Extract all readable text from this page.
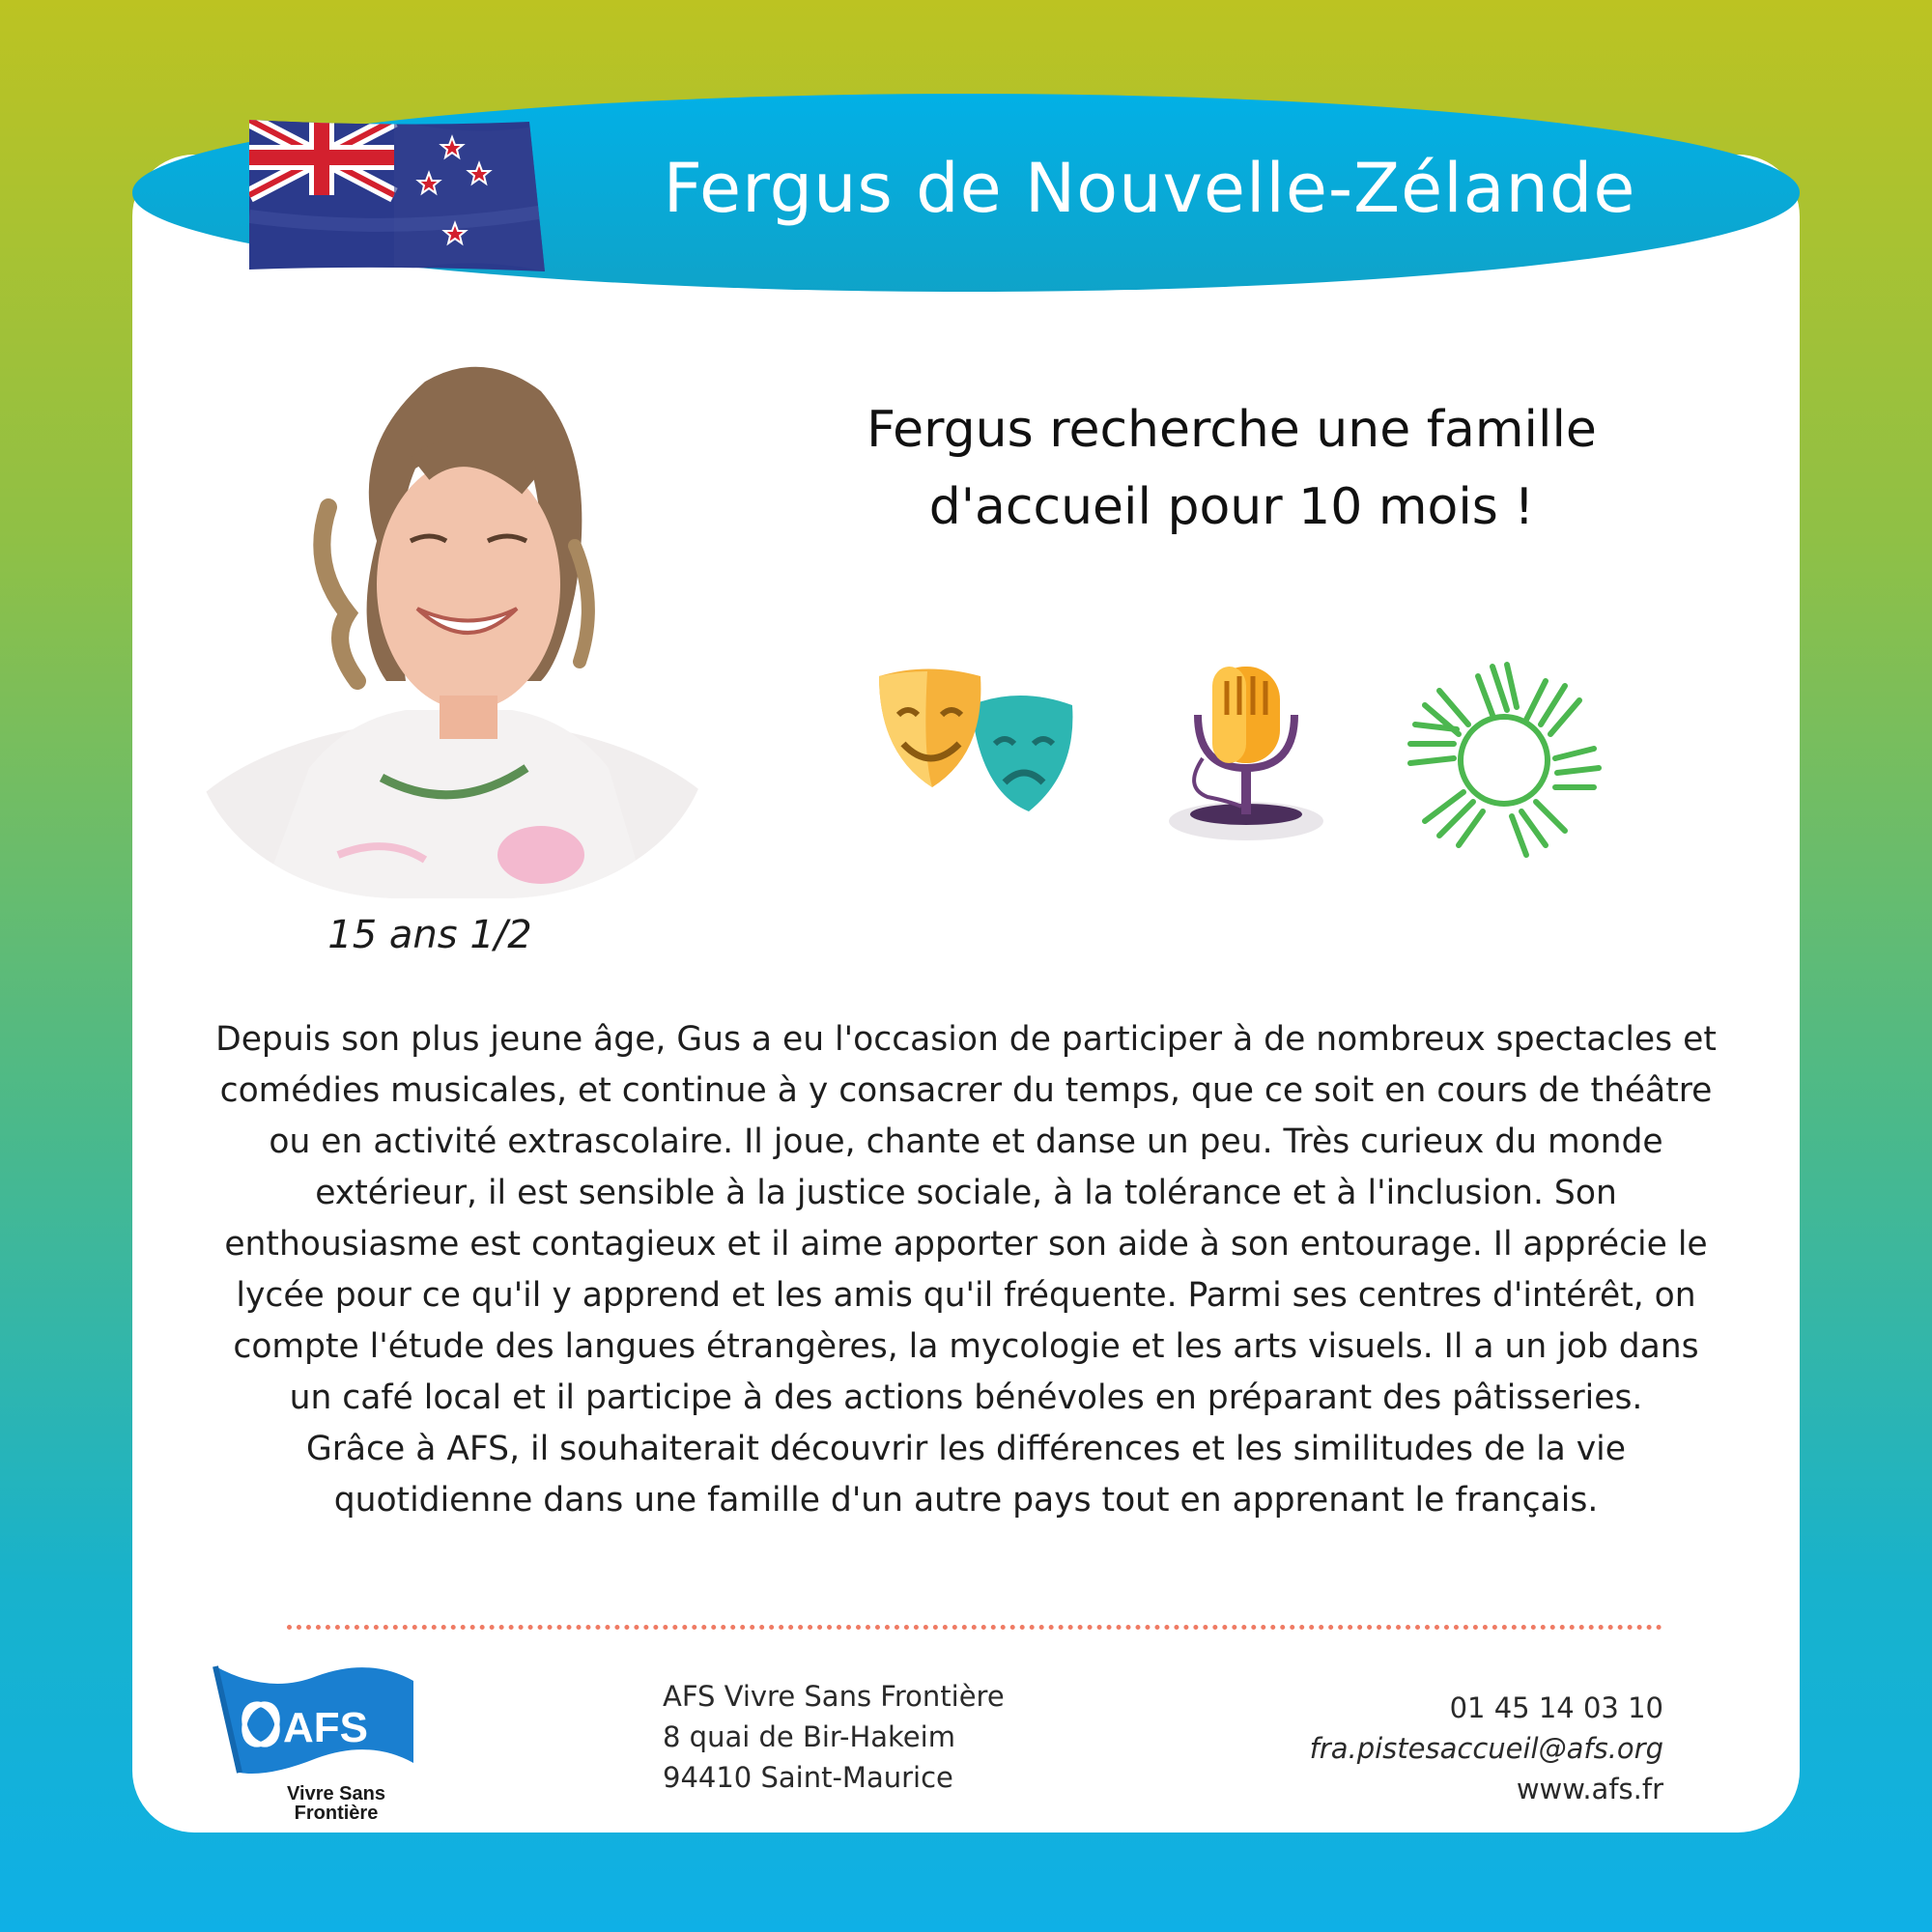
Fergus de Nouvelle-Zélande
15 ans 1/2
Fergus recherche une famille
d'accueil pour 10 mois !

Depuis son plus jeune âge, Gus a eu l'occasion de participer à de nombreux spectacles et comédies musicales, et continue à y consacrer du temps, que ce soit en cours de théâtre ou en activité extrascolaire. Il joue, chante et danse un peu. Très curieux du monde extérieur, il est sensible à la justice sociale, à la tolérance et à l'inclusion. Son enthousiasme est contagieux et il aime apporter son aide à son entourage. Il apprécie le lycée pour ce qu'il y apprend et les amis qu'il fréquente. Parmi ses centres d'intérêt, on compte l'étude des langues étrangères, la mycologie et les arts visuels. Il a un job dans un café local et il participe à des actions bénévoles en préparant des pâtisseries.

Grâce à AFS, il souhaiterait découvrir les différences et les similitudes de la vie quotidienne dans une famille d'un autre pays tout en apprenant le français.

AFS
Vivre Sans
Frontière
AFS Vivre Sans Frontière
8 quai de Bir-Hakeim
94410 Saint-Maurice
01 45 14 03 10
fra.pistesaccueil@afs.org
www.afs.fr
